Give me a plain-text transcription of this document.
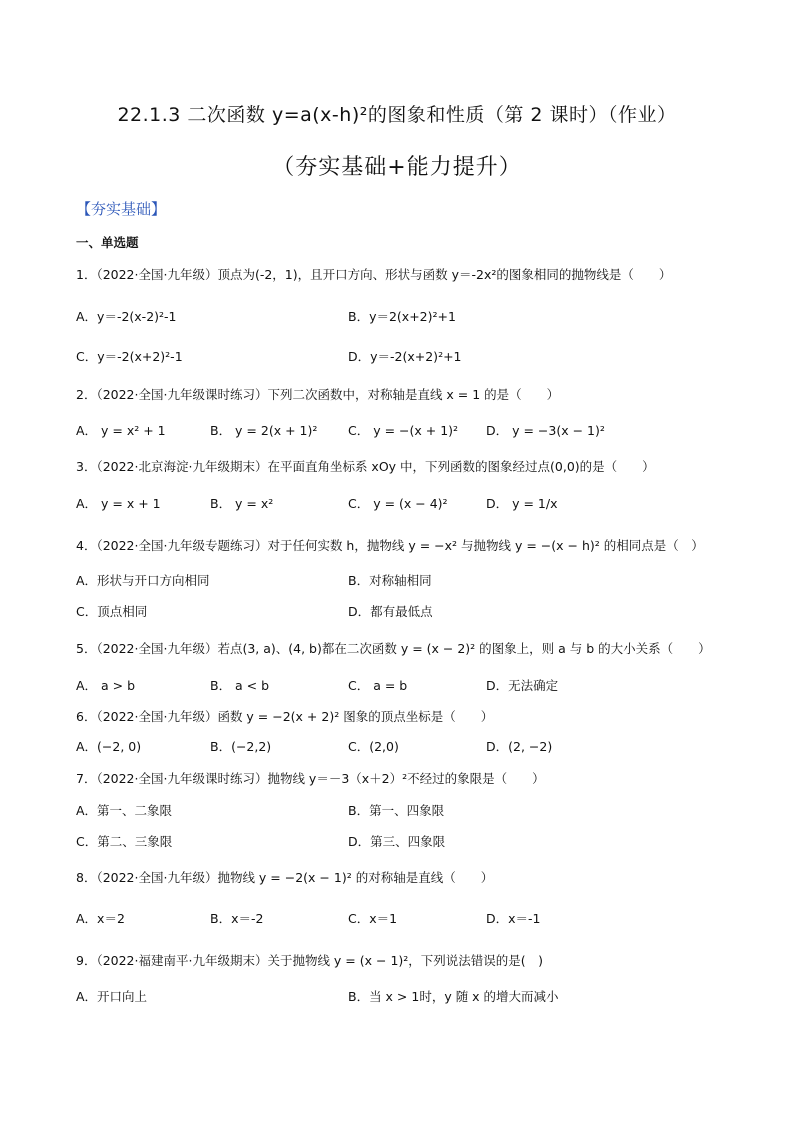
22.1.3 二次函数 y=a(x-h)²的图象和性质（第 2 课时）（作业）
（夯实基础+能力提升）
【夯实基础】
一、单选题
1．（2022·全国·九年级）顶点为(-2，1)，且开口方向、形状与函数 y＝-2x²的图象相同的抛物线是（　　）
A．y＝-2(x-2)²-1	B．y＝2(x+2)²+1
C．y＝-2(x+2)²-1	D．y＝-2(x+2)²+1
2．（2022·全国·九年级课时练习）下列二次函数中，对称轴是直线 x = 1 的是（　　）
A． y = x² + 1	B． y = 2(x + 1)² C． y = −(x + 1)² D． y = −3(x − 1)²
3．（2022·北京海淀·九年级期末）在平面直角坐标系 xOy 中，下列函数的图象经过点(0,0)的是（　　）
A． y = x + 1	B． y = x²	C． y = (x − 4)²	D． y = 1/x
4．（2022·全国·九年级专题练习）对于任何实数 h，抛物线 y = −x² 与抛物线 y = −(x − h)² 的相同点是（　）
A．形状与开口方向相同	B．对称轴相同
C．顶点相同	D．都有最低点
5．（2022·全国·九年级）若点(3, a)、(4, b)都在二次函数 y = (x − 2)² 的图象上，则 a 与 b 的大小关系（　　）
A． a > b	B． a < b	C． a = b	D．无法确定
6．（2022·全国·九年级）函数 y = −2(x + 2)² 图象的顶点坐标是（　　）
A．(−2, 0)	B．(−2,2)	C．(2,0)	D．(2, −2)
7．（2022·全国·九年级课时练习）抛物线 y＝－3（x＋2）²不经过的象限是（　　）
A．第一、二象限	B．第一、四象限
C．第二、三象限	D．第三、四象限
8．（2022·全国·九年级）抛物线 y = −2(x − 1)² 的对称轴是直线（　　）
A．x＝2	B．x＝-2	C．x＝1	D．x＝-1
9．（2022·福建南平·九年级期末）关于抛物线 y = (x − 1)²，下列说法错误的是(　)
A．开口向上	B．当 x > 1时，y 随 x 的增大而减小
